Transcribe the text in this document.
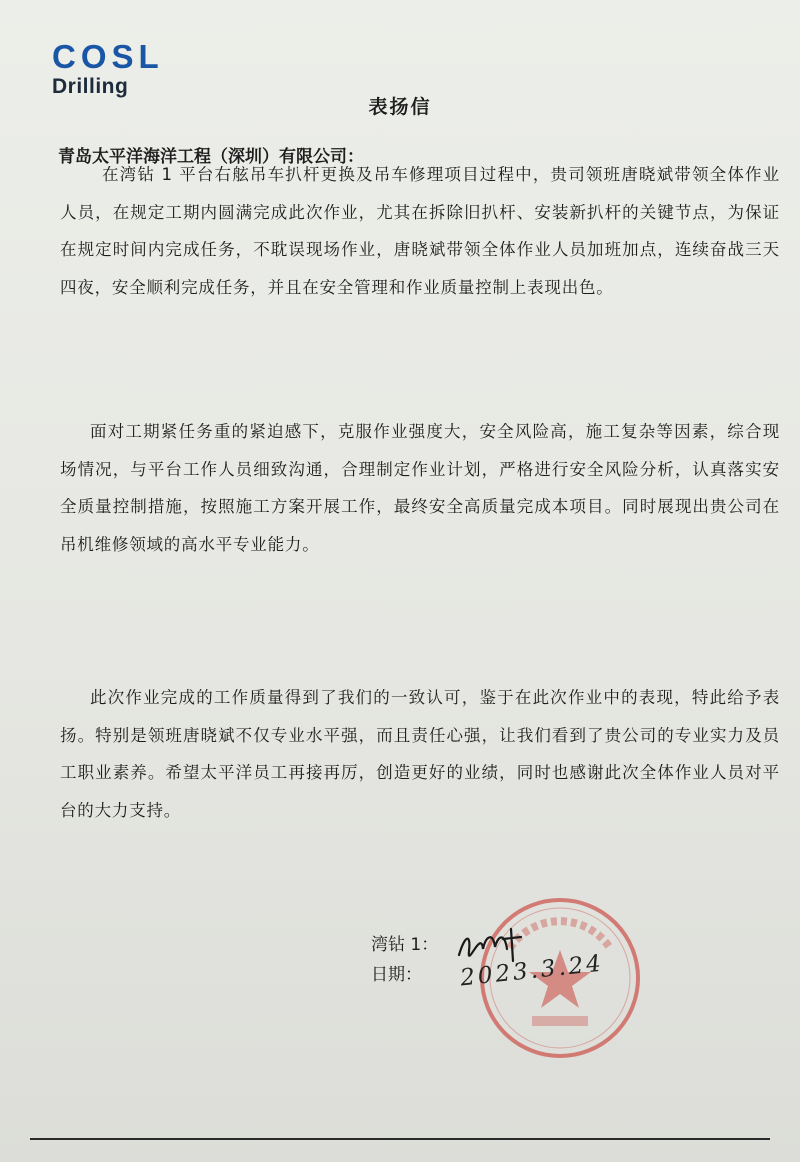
COSL
Drilling
表扬信
青岛太平洋海洋工程（深圳）有限公司：

在湾钻 1 平台右舷吊车扒杆更换及吊车修理项目过程中，贵司领班唐晓斌带领全体作业人员，在规定工期内圆满完成此次作业，尤其在拆除旧扒杆、安装新扒杆的关键节点，为保证在规定时间内完成任务，不耽误现场作业，唐晓斌带领全体作业人员加班加点，连续奋战三天四夜，安全顺利完成任务，并且在安全管理和作业质量控制上表现出色。

面对工期紧任务重的紧迫感下，克服作业强度大，安全风险高，施工复杂等因素，综合现场情况，与平台工作人员细致沟通，合理制定作业计划，严格进行安全风险分析，认真落实安全质量控制措施，按照施工方案开展工作，最终安全高质量完成本项目。同时展现出贵公司在吊机维修领域的高水平专业能力。

此次作业完成的工作质量得到了我们的一致认可，鉴于在此次作业中的表现，特此给予表扬。特别是领班唐晓斌不仅专业水平强，而且责任心强，让我们看到了贵公司的专业实力及员工职业素养。希望太平洋员工再接再厉，创造更好的业绩，同时也感谢此次全体作业人员对平台的大力支持。

湾钻 1：
日期： 2023.3.24
